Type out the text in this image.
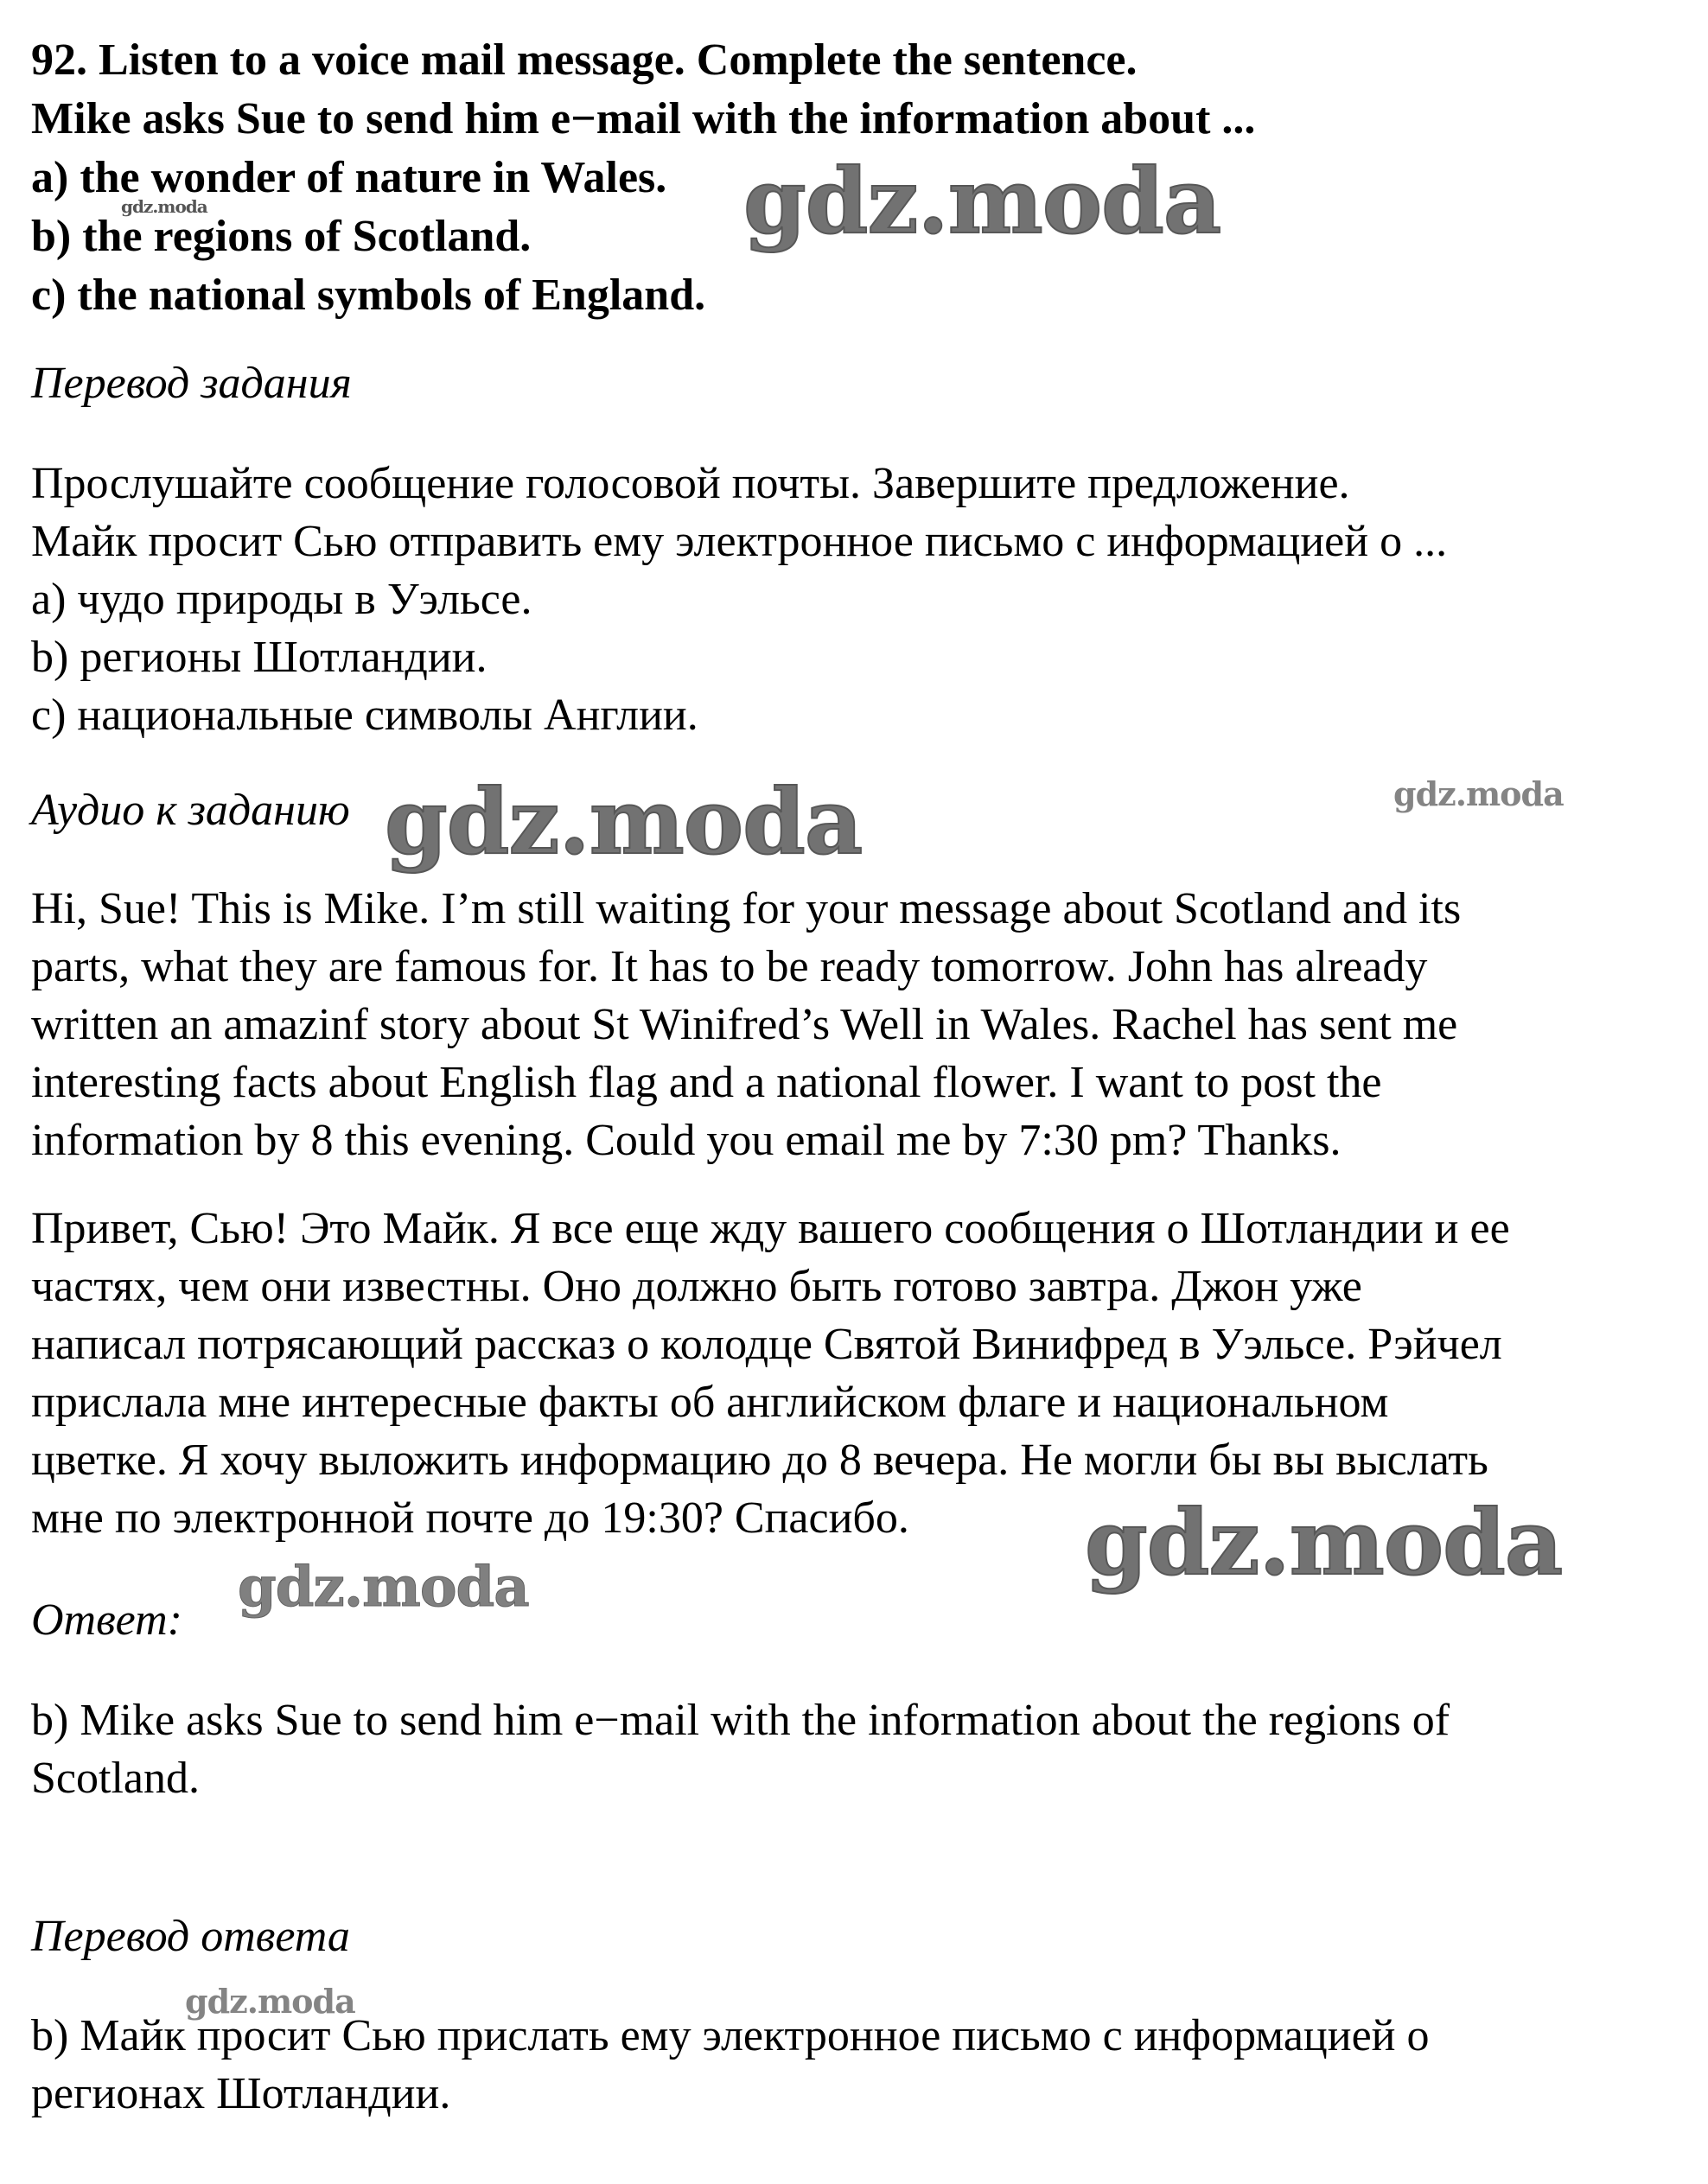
92. Listen to a voice mail message. Complete the sentence.
Mike asks Sue to send him e−mail with the information about ...
a) the wonder of nature in Wales.
b) the regions of Scotland.
c) the national symbols of England.
Перевод задания
Прослушайте сообщение голосовой почты. Завершите предложение.
Майк просит Сью отправить ему электронное письмо с информацией о ...
а) чудо природы в Уэльсе.
b) регионы Шотландии.
c) национальные символы Англии.
Аудио к заданию
Hi, Sue! This is Mike. I’m still waiting for your message about Scotland and its
parts, what they are famous for. It has to be ready tomorrow. John has already
written an amazinf story about St Winifred’s Well in Wales. Rachel has sent me
interesting facts about English flag and a national flower. I want to post the
information by 8 this evening. Could you email me by 7:30 pm? Thanks.
Привет, Сью! Это Майк. Я все еще жду вашего сообщения о Шотландии и ее
частях, чем они известны. Оно должно быть готово завтра. Джон уже
написал потрясающий рассказ о колодце Святой Винифред в Уэльсе. Рэйчел
прислала мне интересные факты об английском флаге и национальном
цветке. Я хочу выложить информацию до 8 вечера. Не могли бы вы выслать
мне по электронной почте до 19:30? Спасибо.
Ответ:
b) Mike asks Sue to send him e−mail with the information about the regions of
Scotland.
Перевод ответа
b) Майк просит Сью прислать ему электронное письмо с информацией о
регионах Шотландии.
gdz.moda
gdz.moda
gdz.moda
gdz.moda
gdz.moda
gdz.moda
gdz.moda
